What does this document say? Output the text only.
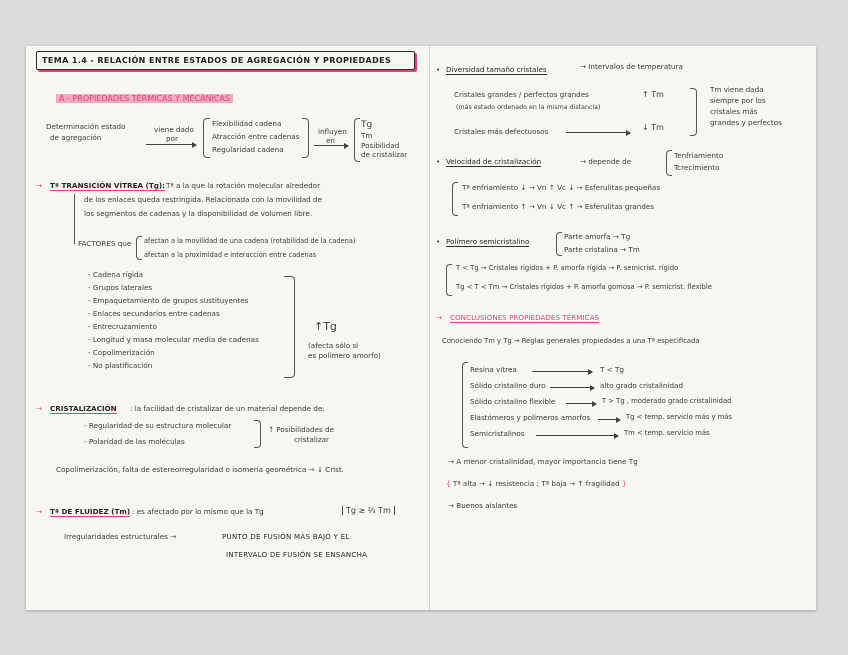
TEMA 1.4 - RELACIÓN ENTRE ESTADOS DE AGREGACIÓN Y PROPIEDADES
A - PROPIEDADES TÉRMICAS Y MECÁNICAS
Determinación estado
de agregación
viene dado
por
Flexibilidad cadena
Atracción entre cadenas
Regularidad cadena
influyen
en
Tg
Tm
Posibilidad
de cristalizar
→ Tª TRANSICIÓN VÍTREA (Tg): Tª a la que la rotación molecular alrededor
de los enlaces queda restringida. Relacionada con la movilidad de
los segmentos de cadenas y la disponibilidad de volumen libre.
FACTORES que afectan a la movilidad de una cadena (rotabilidad de la cadena)
afectan a la proximidad e interacción entre cadenas
- Cadena rígida
- Grupos laterales
- Empaquetamiento de grupos sustituyentes
- Enlaces secundarios entre cadenas
- Entrecruzamiento
- Longitud y masa molecular media de cadenas
- Copolimerización
- No plastificación
↑Tg
(afecta sólo si
es polímero amorfo)
→ CRISTALIZACIÓN : la facilidad de cristalizar de un material depende de:
- Regularidad de su estructura molecular
- Polaridad de las moléculas
↑ Posibilidades de
cristalizar
Copolimerización, falta de estereorregularidad o isomería geométrica → ↓ Crist.
→ Tª DE FLUIDEZ (Tm) : es afectado por lo mismo que la Tg	Tg ≥ ⅔ Tm
Irregularidades estructurales →	PUNTO DE FUSIÓN MÁS BAJO Y EL
INTERVALO DE FUSIÓN SE ENSANCHA
• Diversidad tamaño cristales	→ Intervalos de temperatura
Cristales grandes / perfectos grandes
(más estado ordenado en la misma distancia)
↑ Tm
Cristales más defectuosos	↓ Tm
Tm viene dada
siempre por los
cristales más
grandes y perfectos
• Velocidad de cristalización	→ depende de
Tenfriamiento
Tcrecimiento
Tª enfriamiento ↓ → Vn ↑ Vc ↓ → Esferulitas pequeñas
Tª enfriamiento ↑ → Vn ↓ Vc ↑ → Esferulitas grandes
• Polímero semicristalino
Parte amorfa → Tg
Parte cristalina → Tm
T < Tg → Cristales rígidos + P. amorfa rígida → P. semicrist. rígido
Tg < T < Tm → Cristales rígidos + P. amorfa gomosa → P. semicrist. flexible
→ CONCLUSIONES PROPIEDADES TÉRMICAS
Conociendo Tm y Tg → Reglas generales propiedades a una Tª especificada
Resina vítrea	T < Tg
Sólido cristalino duro	alto grado cristalinidad
Sólido cristalino flexible	T > Tg , moderado grado cristalinidad
Elastómeros y polímeros amorfos	Tg < temp. servicio más y más
Semicristalinos	Tm < temp. servicio más
→ A menor cristalinidad, mayor importancia tiene Tg
{ Tª alta → ↓ resistencia ; Tª baja → ↑ fragilidad }
→ Buenos aislantes
